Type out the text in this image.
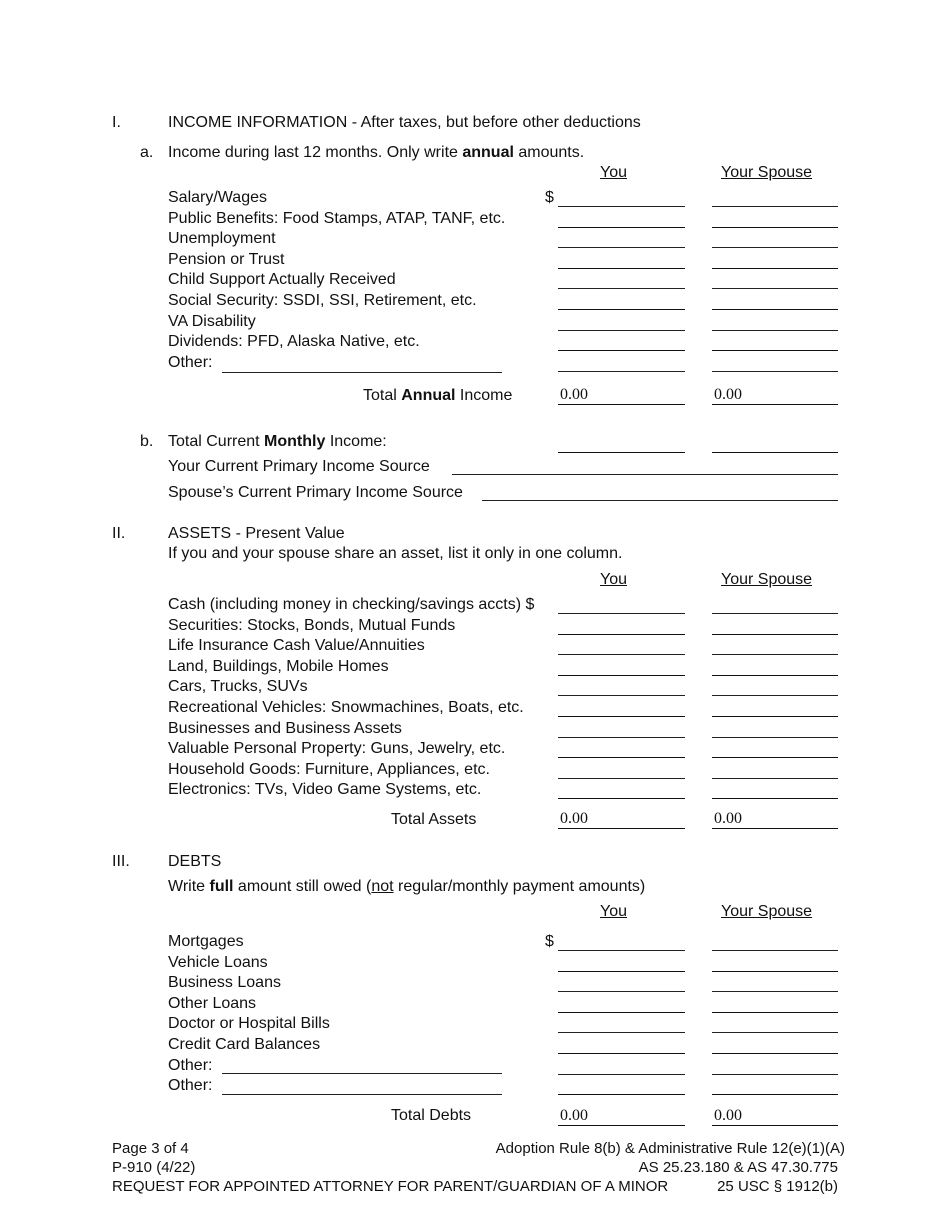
I.	INCOME INFORMATION - After taxes, but before other deductions
a. Income during last 12 months. Only write annual amounts.
You	Your Spouse
$
Salary/Wages
Public Benefits: Food Stamps, ATAP, TANF, etc.
Unemployment
Pension or Trust
Child Support Actually Received
Social Security: SSDI, SSI, Retirement, etc.
VA Disability
Dividends: PFD, Alaska Native, etc.
Other:
Total Annual Income	0.00	0.00
b. Total Current Monthly Income:
Your Current Primary Income Source
Spouse’s Current Primary Income Source
II.	ASSETS - Present Value
If you and your spouse share an asset, list it only in one column.
You	Your Spouse
Cash (including money in checking/savings accts) $
Securities: Stocks, Bonds, Mutual Funds
Life Insurance Cash Value/Annuities
Land, Buildings, Mobile Homes
Cars, Trucks, SUVs
Recreational Vehicles: Snowmachines, Boats, etc.
Businesses and Business Assets
Valuable Personal Property: Guns, Jewelry, etc.
Household Goods: Furniture, Appliances, etc.
Electronics: TVs, Video Game Systems, etc.
Total Assets	0.00	0.00
III. DEBTS
Write full amount still owed (not regular/monthly payment amounts)
You	Your Spouse
$
Mortgages
Vehicle Loans
Business Loans
Other Loans
Doctor or Hospital Bills
Credit Card Balances
Other:
Other:
Total Debts	0.00	0.00
Page 3 of 4
P-910 (4/22)
REQUEST FOR APPOINTED ATTORNEY FOR PARENT/GUARDIAN OF A MINOR
Adoption Rule 8(b) & Administrative Rule 12(e)(1)(A)
AS 25.23.180 & AS 47.30.775
25 USC § 1912(b)
